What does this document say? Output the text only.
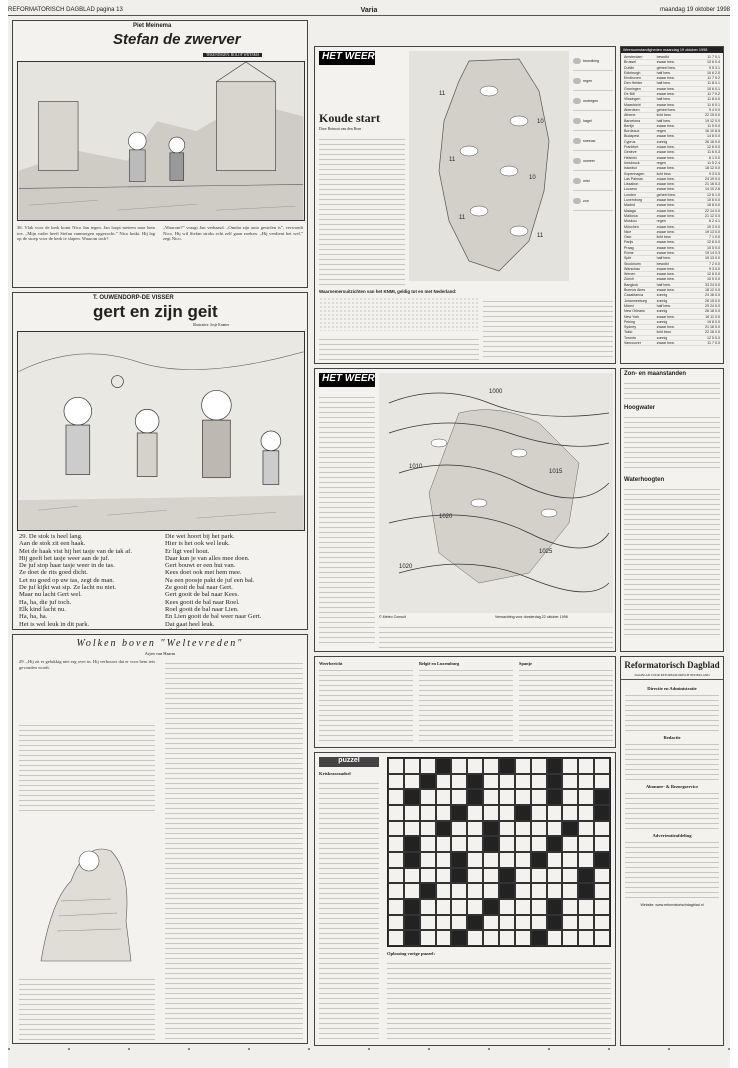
REFORMATORISCH DAGBLAD pagina 13	Varia	maandag 19 oktober 1998
Piet Meinema
Stefan de zwerver
TEKENINGEN: ROLOF WIJTSMA
38. Vlak voor de kerk komt Nico Jan tegen. Jan loopt meteen naar hem toe. „Mijn vader heeft Stefan vanmorgen opgezocht.” Nico knikt. Hij lag op de stoep voor de kerk te slapen. Waarom toch?
„Waarom?” vraagt Jan verbaasd. „Omdat zijn auto gestolen is”, verwondt Nico. Hij wil Stefan straks echt zelf gaan zoeken. „Hij verdient het wel,” zegt Nico.
T. OUWENDORP-DE VISSER
gert en zijn geit
Illustraties: Josje Kramer
29. De stok is heel lang.
Aan de stok zit een haak.
Met de haak vist hij het tasje van de tak af.
Hij geeft het tasje weer aan de juf.
De juf stop haar tasje weer in de tas.
Ze doet de rits goed dicht.
Let nu goed op uw tas, zegt de man.
De juf kijkt wat sip. Ze lacht nu niet.
Maar nu lacht Gert wel.
Ha, ha, die juf toch.
Elk kind lacht nu.
Ha, ha, ha.
Het is wel leuk in dit park.
Die wei hoort bij het park.
Hier is het ook wel leuk.
Er ligt veel hout.
Daar kun je van alles mee doen.
Gert bouwt er een hut van.
Kees doet ook met hem mee.
Na een poosje pakt de juf een bal.
Ze gooit de bal naar Gert.
Gert gooit de bal naar Kees.
Kees gooit de bal naar Roel.
Roel gooit de bal naar Lien.
En Lien gooit de bal weer naar Gert.
Dat gaat heel leuk.
Wolken boven "Weltevreden"
Arjen van Haarm
29. „Hij zit er gelukkig niet erg over in. Hij verbouwt dat er voor hem iets gevonden wordt.
HET WEER
Koude start
Door Reinout van den Born
11
10
11
10
11
11
bewolking
regen
motregen
hagel
sneeuw
onweer
mist
zon
Waarnemersuitzichten van het KNMI, geldig tot en met Nederland:
Weersomstandigheden maandag 19 oktober 1998
Amsterdam	bewolkt	11 7 0.1
Brussel	zwaar bew.	10 6 0.4
Dublin	geheel bew.	9 5 3.1
Edinburgh	half bew.	10 6 2.0
Eindhoven	zwaar bew.	11 7 0.2
Den Helder	half bew.	11 8 0.1
Groningen	zwaar bew.	10 6 0.1
De Bilt	zwaar bew.	11 7 0.2
Vlissingen	half bew.	11 8 0.0
Maastricht	zwaar bew.	11 6 0.1
Aberdeen	geheel bew.	9 4 0.0
Athene	licht bew.	22 15 0.0
Barcelona	half bew.	19 12 0.0
Berlijn	zwaar bew.	11 5 0.0
Bordeaux	regen	16 10 8.5
Budapest	zwaar bew.	14 8 0.0
Cyprus	zonnig	26 16 0.0
Frankfurt	zwaar bew.	12 6 0.0
Genève	zwaar bew.	11 6 0.3
Helsinki	zwaar bew.	6 1 0.0
Innsbruck	regen	11 5 2.4
Istanbul	zwaar bew.	18 12 0.0
Kopenhagen	licht bew.	9 3 0.0
Las Palmas	zwaar bew.	24 19 0.0
Lissabon	zwaar bew.	21 16 5.3
Locarno	zwaar bew.	14 10 2.6
Londen	geheel bew.	12 6 1.0
Luxemburg	zwaar bew.	10 6 0.0
Madrid	zwaar bew.	16 8 0.0
Malaga	zwaar bew.	22 14 0.0
Mallorca	zwaar bew.	21 12 0.0
Moskou	regen	6 2 4.1
München	zwaar bew.	10 3 0.0
Nice	zwaar bew.	19 13 0.0
Oslo	licht bew.	7 1 0.0
Parijs	zwaar bew.	12 8 0.0
Praag	zwaar bew.	10 5 0.0
Rome	zwaar bew.	19 14 0.3
Split	half bew.	19 13 0.0
Stockholm	bewolkt	7 2 0.0
Warschau	zwaar bew.	9 3 0.0
Wenen	zwaar bew.	12 6 0.0
Zürich	zwaar bew.	10 5 0.0
Bangkok	half bew.	33 24 0.0
Buenos Aires	zwaar bew.	18 12 0.0
Casablanca	zonnig	24 16 0.0
Johannesburg	zonnig	26 15 0.0
Miami	half bew.	29 24 0.0
New Orleans	zonnig	26 18 0.0
New York	zwaar bew.	16 11 0.0
Peking	zonnig	19 8 0.0
Sydney	zwaar bew.	21 16 0.0
Tokio	licht bew.	22 16 0.0
Toronto	zonnig	12 5 0.0
Vancouver	zwaar bew.	11 7 0.0
HET WEER
1000
1010
1015
1020
1025
1020
© Meteo Consult	Verwachting voor donderdag 22 oktober 1998
Zon- en maanstanden
Hoogwater
Waterhoogten
Weerbericht	België en Luxemburg	Spanje	Reformatorisch Dagblad
DAGBLAD VOOR REFORMATORISCH NEDERLAND
Directie en Administratie
Redactie
Abonnee- & Bezorgservice
Advertentieafdeling
Website: www.reformatorischdagblad.nl
puzzel
Kriskrasraadsel
Oplossing vorige puzzel:
